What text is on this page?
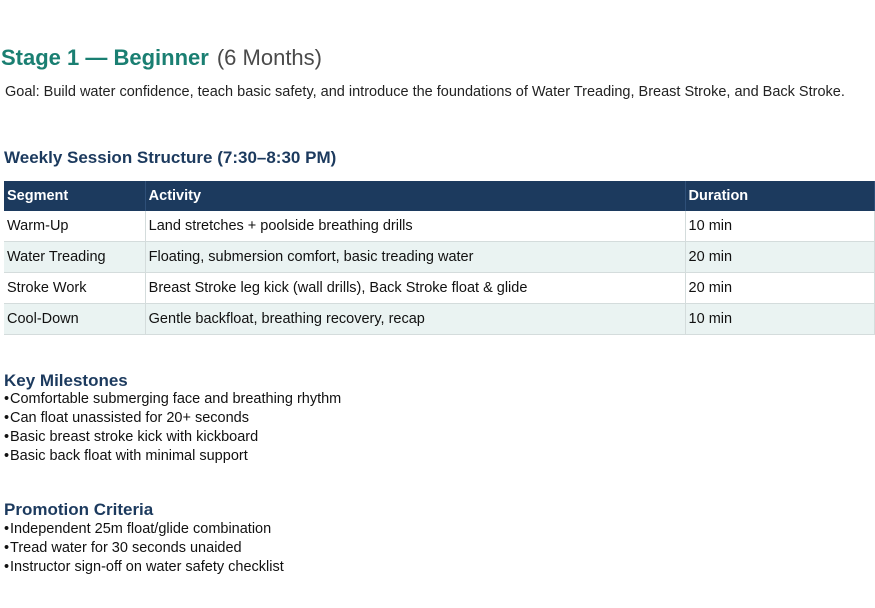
Stage 1 — Beginner (6 Months)

Goal: Build water confidence, teach basic safety, and introduce the foundations of Water Treading, Breast Stroke, and Back Stroke.

Weekly Session Structure (7:30–8:30 PM)
Segment	Activity	Duration
Warm-Up	Land stretches + poolside breathing drills	10 min
Water Treading	Floating, submersion comfort, basic treading water	20 min
Stroke Work	Breast Stroke leg kick (wall drills), Back Stroke float & glide	20 min
Cool-Down	Gentle backfloat, breathing recovery, recap	10 min
Key Milestones
•Comfortable submerging face and breathing rhythm
•Can float unassisted for 20+ seconds
•Basic breast stroke kick with kickboard
•Basic back float with minimal support
Promotion Criteria
•Independent 25m float/glide combination
•Tread water for 30 seconds unaided
•Instructor sign-off on water safety checklist
